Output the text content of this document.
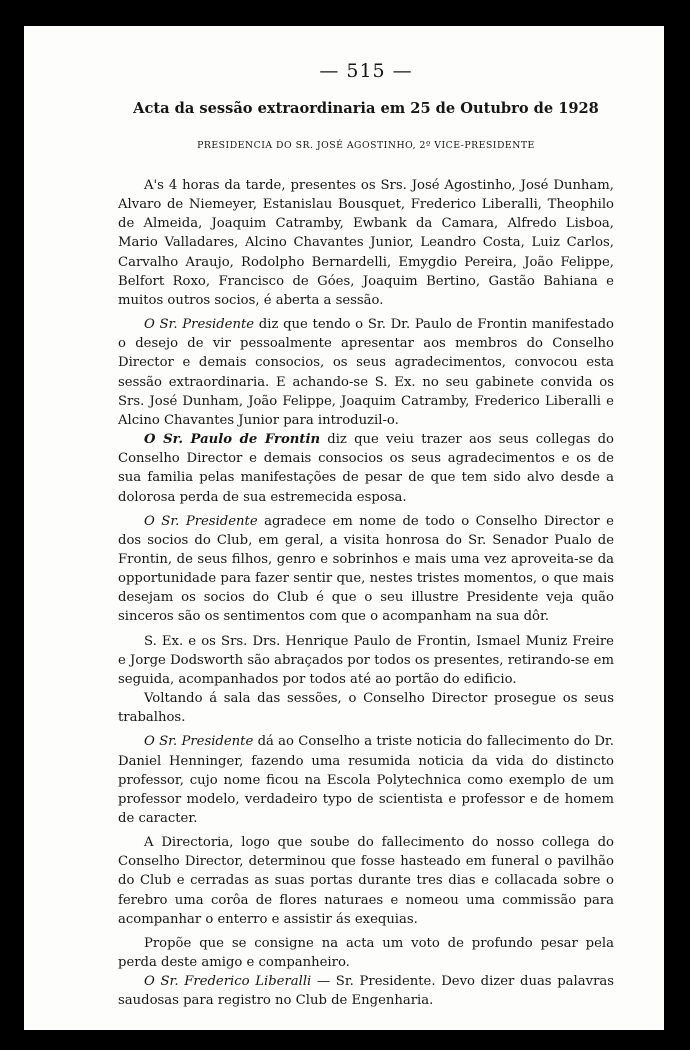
— 515 —
Acta da sessão extraordinaria em 25 de Outubro de 1928
PRESIDENCIA DO SR. JOSÉ AGOSTINHO, 2º VICE-PRESIDENTE

A's 4 horas da tarde, presentes os Srs. José Agostinho, José Dunham, Alvaro de Niemeyer, Estanislau Bousquet, Frederico Liberalli, Theophilo de Almeida, Joaquim Catramby, Ewbank da Camara, Alfredo Lisboa, Mario Valladares, Alcino Chavantes Junior, Leandro Costa, Luiz Carlos, Carvalho Araujo, Rodolpho Bernardelli, Emygdio Pereira, João Felippe, Belfort Roxo, Francisco de Góes, Joaquim Bertino, Gastão Bahiana e muitos outros socios, é aberta a sessão.

O Sr. Presidente diz que tendo o Sr. Dr. Paulo de Frontin manifestado o desejo de vir pessoalmente apresentar aos membros do Conselho Director e demais consocios, os seus agradecimentos, convocou esta sessão extraordinaria. E achando-se S. Ex. no seu gabinete convida os Srs. José Dunham, João Felippe, Joaquim Catramby, Frederico Liberalli e Alcino Chavantes Junior para introduzil-o.

O Sr. Paulo de Frontin diz que veiu trazer aos seus collegas do Conselho Director e demais consocios os seus agradecimentos e os de sua familia pelas manifestações de pesar de que tem sido alvo desde a dolorosa perda de sua estremecida esposa.

O Sr. Presidente agradece em nome de todo o Conselho Director e dos socios do Club, em geral, a visita honrosa do Sr. Senador Pualo de Frontin, de seus filhos, genro e sobrinhos e mais uma vez aproveita-se da opportunidade para fazer sentir que, nestes tristes momentos, o que mais desejam os socios do Club é que o seu illustre Presidente veja quão sinceros são os sentimentos com que o acompanham na sua dôr.

S. Ex. e os Srs. Drs. Henrique Paulo de Frontin, Ismael Muniz Freire e Jorge Dodsworth são abraçados por todos os presentes, retirando-se em seguida, acompanhados por todos até ao portão do edificio.

Voltando á sala das sessões, o Conselho Director prosegue os seus trabalhos.

O Sr. Presidente dá ao Conselho a triste noticia do fallecimento do Dr. Daniel Henninger, fazendo uma resumida noticia da vida do distincto professor, cujo nome ficou na Escola Polytechnica como exemplo de um professor modelo, verdadeiro typo de scientista e professor e de homem de caracter.

A Directoria, logo que soube do fallecimento do nosso collega do Conselho Director, determinou que fosse hasteado em funeral o pavilhão do Club e cerradas as suas portas durante tres dias e collacada sobre o ferebro uma corôa de flores naturaes e nomeou uma commissão para acompanhar o enterro e assistir ás exequias.

Propõe que se consigne na acta um voto de profundo pesar pela perda deste amigo e companheiro.

O Sr. Frederico Liberalli — Sr. Presidente. Devo dizer duas palavras saudosas para registro no Club de Engenharia.
